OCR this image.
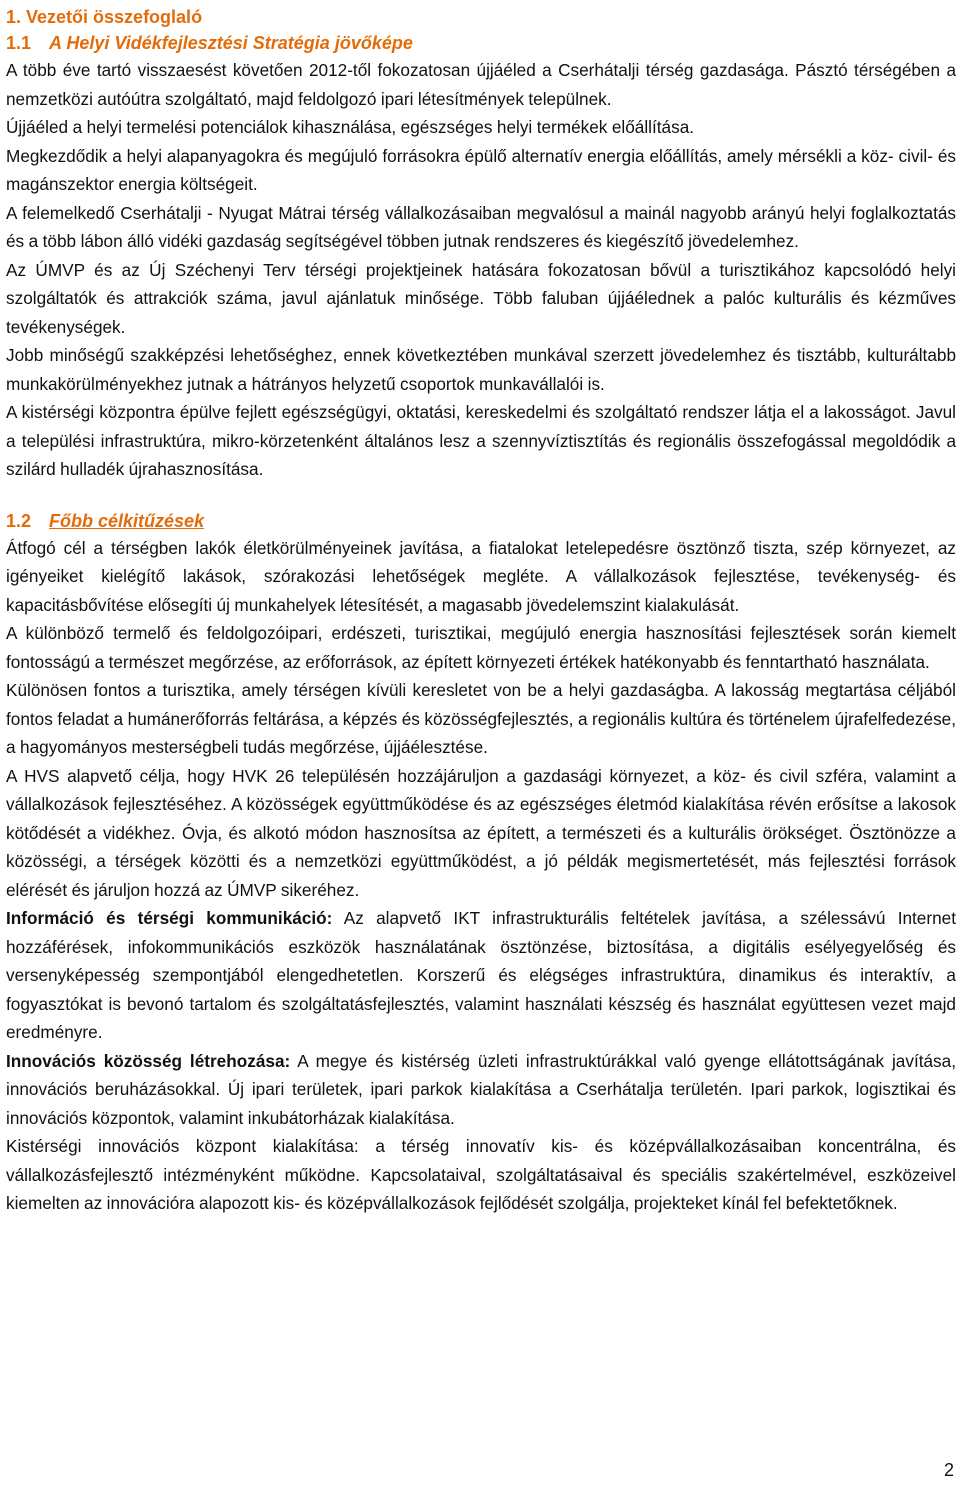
1. Vezetői összefoglaló
1.1 A Helyi Vidékfejlesztési Stratégia jövőképe

A több éve tartó visszaesést követően 2012-től fokozatosan újjáéled a Cserhátalji térség gazdasága. Pásztó térségében a nemzetközi autóútra szolgáltató, majd feldolgozó ipari létesítmények települnek.

Újjáéled a helyi termelési potenciálok kihasználása, egészséges helyi termékek előállítása.

Megkezdődik a helyi alapanyagokra és megújuló forrásokra épülő alternatív energia előállítás, amely mérsékli a köz- civil- és magánszektor energia költségeit.

A felemelkedő Cserhátalji - Nyugat Mátrai térség vállalkozásaiban megvalósul a mainál nagyobb arányú helyi foglalkoztatás és a több lábon álló vidéki gazdaság segítségével többen jutnak rendszeres és kiegészítő jövedelemhez.

Az ÚMVP és az Új Széchenyi Terv térségi projektjeinek hatására fokozatosan bővül a turisztikához kapcsolódó helyi szolgáltatók és attrakciók száma, javul ajánlatuk minősége. Több faluban újjáélednek a palóc kulturális és kézműves tevékenységek.

Jobb minőségű szakképzési lehetőséghez, ennek következtében munkával szerzett jövedelemhez és tisztább, kulturáltabb munkakörülményekhez jutnak a hátrányos helyzetű csoportok munkavállalói is.

A kistérségi központra épülve fejlett egészségügyi, oktatási, kereskedelmi és szolgáltató rendszer látja el a lakosságot. Javul a települési infrastruktúra, mikro-körzetenként általános lesz a szennyvíztisztítás és regionális összefogással megoldódik a szilárd hulladék újrahasznosítása.

1.2 Főbb célkitűzések

Átfogó cél a térségben lakók életkörülményeinek javítása, a fiatalokat letelepedésre ösztönző tiszta, szép környezet, az igényeiket kielégítő lakások, szórakozási lehetőségek megléte. A vállalkozások fejlesztése, tevékenység- és kapacitásbővítése elősegíti új munkahelyek létesítését, a magasabb jövedelemszint kialakulását.

A különböző termelő és feldolgozóipari, erdészeti, turisztikai, megújuló energia hasznosítási fejlesztések során kiemelt fontosságú a természet megőrzése, az erőforrások, az épített környezeti értékek hatékonyabb és fenntartható használata.

Különösen fontos a turisztika, amely térségen kívüli keresletet von be a helyi gazdaságba. A lakosság megtartása céljából fontos feladat a humánerőforrás feltárása, a képzés és közösségfejlesztés, a regionális kultúra és történelem újrafelfedezése, a hagyományos mesterségbeli tudás megőrzése, újjáélesztése.

A HVS alapvető célja, hogy HVK 26 településén hozzájáruljon a gazdasági környezet, a köz- és civil szféra, valamint a vállalkozások fejlesztéséhez. A közösségek együttműködése és az egészséges életmód kialakítása révén erősítse a lakosok kötődését a vidékhez. Óvja, és alkotó módon hasznosítsa az épített, a természeti és a kulturális örökséget. Ösztönözze a közösségi, a térségek közötti és a nemzetközi együttműködést, a jó példák megismertetését, más fejlesztési források elérését és járuljon hozzá az ÚMVP sikeréhez.

Információ és térségi kommunikáció: Az alapvető IKT infrastrukturális feltételek javítása, a szélessávú Internet hozzáférések, infokommunikációs eszközök használatának ösztönzése, biztosítása, a digitális esélyegyelőség és versenyképesség szempontjából elengedhetetlen. Korszerű és elégséges infrastruktúra, dinamikus és interaktív, a fogyasztókat is bevonó tartalom és szolgáltatásfejlesztés, valamint használati készség és használat együttesen vezet majd eredményre.

Innovációs közösség létrehozása: A megye és kistérség üzleti infrastruktúrákkal való gyenge ellátottságának javítása, innovációs beruházásokkal. Új ipari területek, ipari parkok kialakítása a Cserhátalja területén. Ipari parkok, logisztikai és innovációs központok, valamint inkubátorházak kialakítása.

Kistérségi innovációs központ kialakítása: a térség innovatív kis- és középvállalkozásaiban koncentrálna, és vállalkozásfejlesztő intézményként működne. Kapcsolataival, szolgáltatásaival és speciális szakértelmével, eszközeivel kiemelten az innovációra alapozott kis- és középvállalkozások fejlődését szolgálja, projekteket kínál fel befektetőknek.

2
